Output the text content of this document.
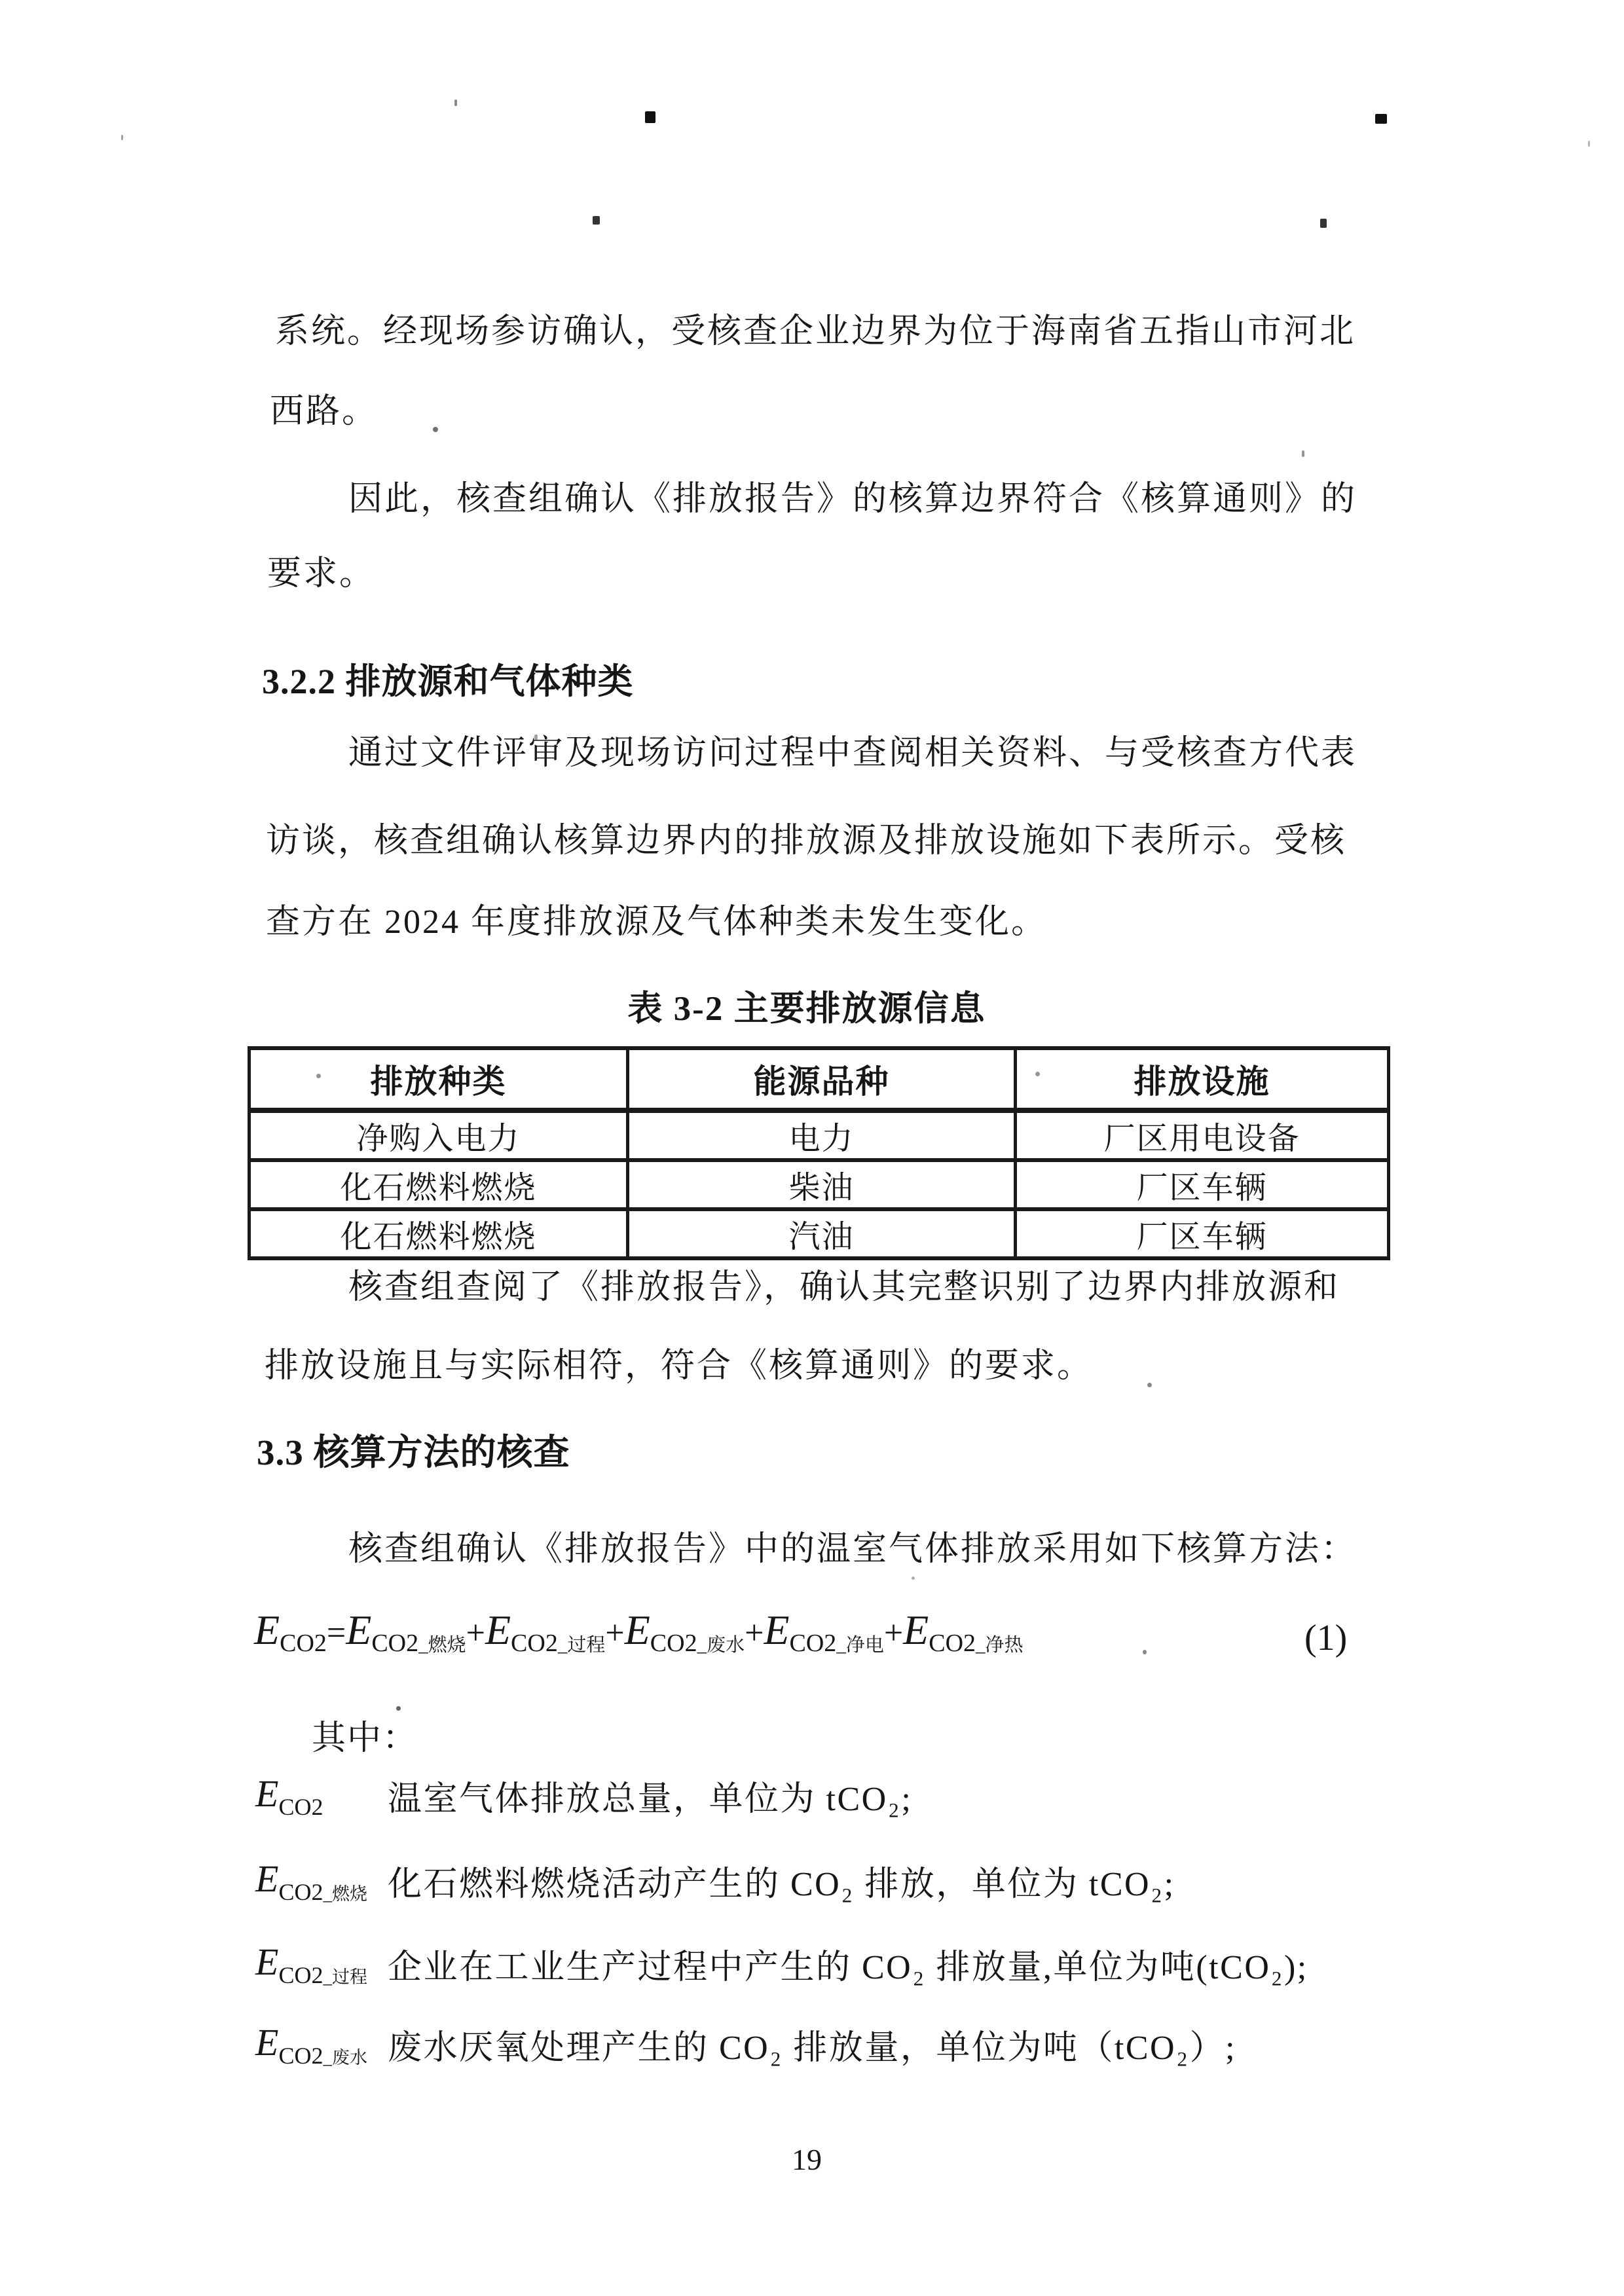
系统。经现场参访确认，受核查企业边界为位于海南省五指山市河北
西路。
因此，核查组确认《排放报告》的核算边界符合《核算通则》的
要求。
3.2.2 排放源和气体种类
通过文件评审及现场访问过程中查阅相关资料、与受核查方代表
访谈，核查组确认核算边界内的排放源及排放设施如下表所示。受核
查方在 2024 年度排放源及气体种类未发生变化。
表 3-2 主要排放源信息
排放种类	能源品种	排放设施
净购入电力	电力	厂区用电设备
化石燃料燃烧	柴油	厂区车辆
化石燃料燃烧	汽油	厂区车辆
核查组查阅了《排放报告》，确认其完整识别了边界内排放源和
排放设施且与实际相符，符合《核算通则》的要求。
3.3 核算方法的核查
核查组确认《排放报告》中的温室气体排放采用如下核算方法：
$E_{CO2}=E_{CO2\_燃烧}+E_{CO2\_过程}+E_{CO2\_废水}+E_{CO2\_净电}+E_{CO2\_净热}$	(1)
其中：
$E_{CO2}$ 温室气体排放总量，单位为 tCO₂;
$E_{CO2\_燃烧}$ 化石燃料燃烧活动产生的 CO₂ 排放，单位为 tCO₂;
$E_{CO2\_过程}$ 企业在工业生产过程中产生的 CO₂ 排放量,单位为吨(tCO₂);
$E_{CO2\_废水}$ 废水厌氧处理产生的 CO₂ 排放量，单位为吨（tCO₂）;
19
